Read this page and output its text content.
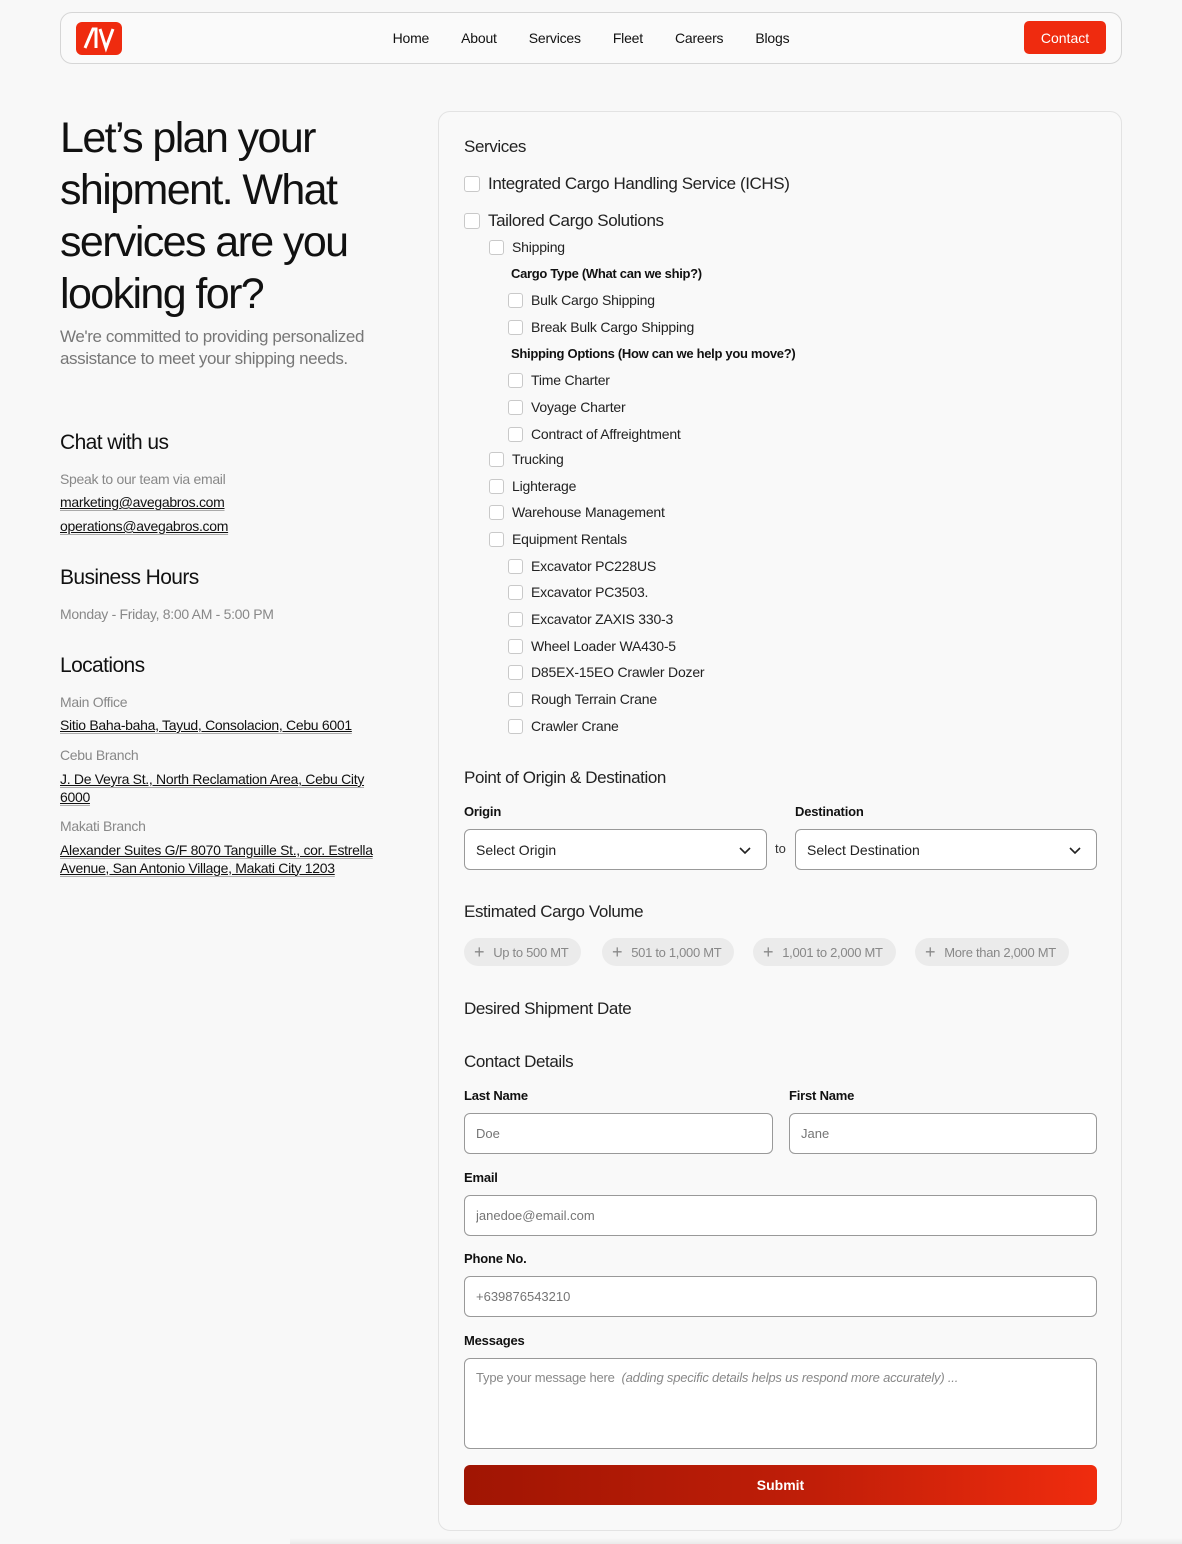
Home	About	Services	Fleet	Careers	Blogs	Contact
Let’s plan your shipment. What services are you looking for?

We're committed to providing personalized assistance to meet your shipping needs.

Chat with us
Speak to our team via email
marketing@avegabros.com
operations@avegabros.com
Business Hours
Monday - Friday, 8:00 AM - 5:00 PM
Locations
Main Office
Sitio Baha-baha, Tayud, Consolacion, Cebu 6001
Cebu Branch
J. De Veyra St., North Reclamation Area, Cebu City 6000
Makati Branch
Alexander Suites G/F 8070 Tanguille St., cor. Estrella Avenue, San Antonio Village, Makati City 1203
Services
Integrated Cargo Handling Service (ICHS)
Tailored Cargo Solutions
Shipping
Cargo Type (What can we ship?)
Bulk Cargo Shipping
Break Bulk Cargo Shipping
Shipping Options (How can we help you move?)
Time Charter
Voyage Charter
Contract of Affreightment
Trucking
Lighterage
Warehouse Management
Equipment Rentals
Excavator PC228US
Excavator PC3503.
Excavator ZAXIS 330-3
Wheel Loader WA430-5
D85EX-15EO Crawler Dozer
Rough Terrain Crane
Crawler Crane
Point of Origin & Destination
Origin	Destination
Select Origin	to Select Destination
Estimated Cargo Volume
+ Up to 500 MT + 501 to 1,000 MT + 1,001 to 2,000 MT + More than 2,000 MT
Desired Shipment Date
Contact Details
Last Name	First Name
Doe
Jane
Email
janedoe@email.com
Phone No.
+639876543210
Messages
Type your message here (adding specific details helps us respond more accurately) ...
Submit
